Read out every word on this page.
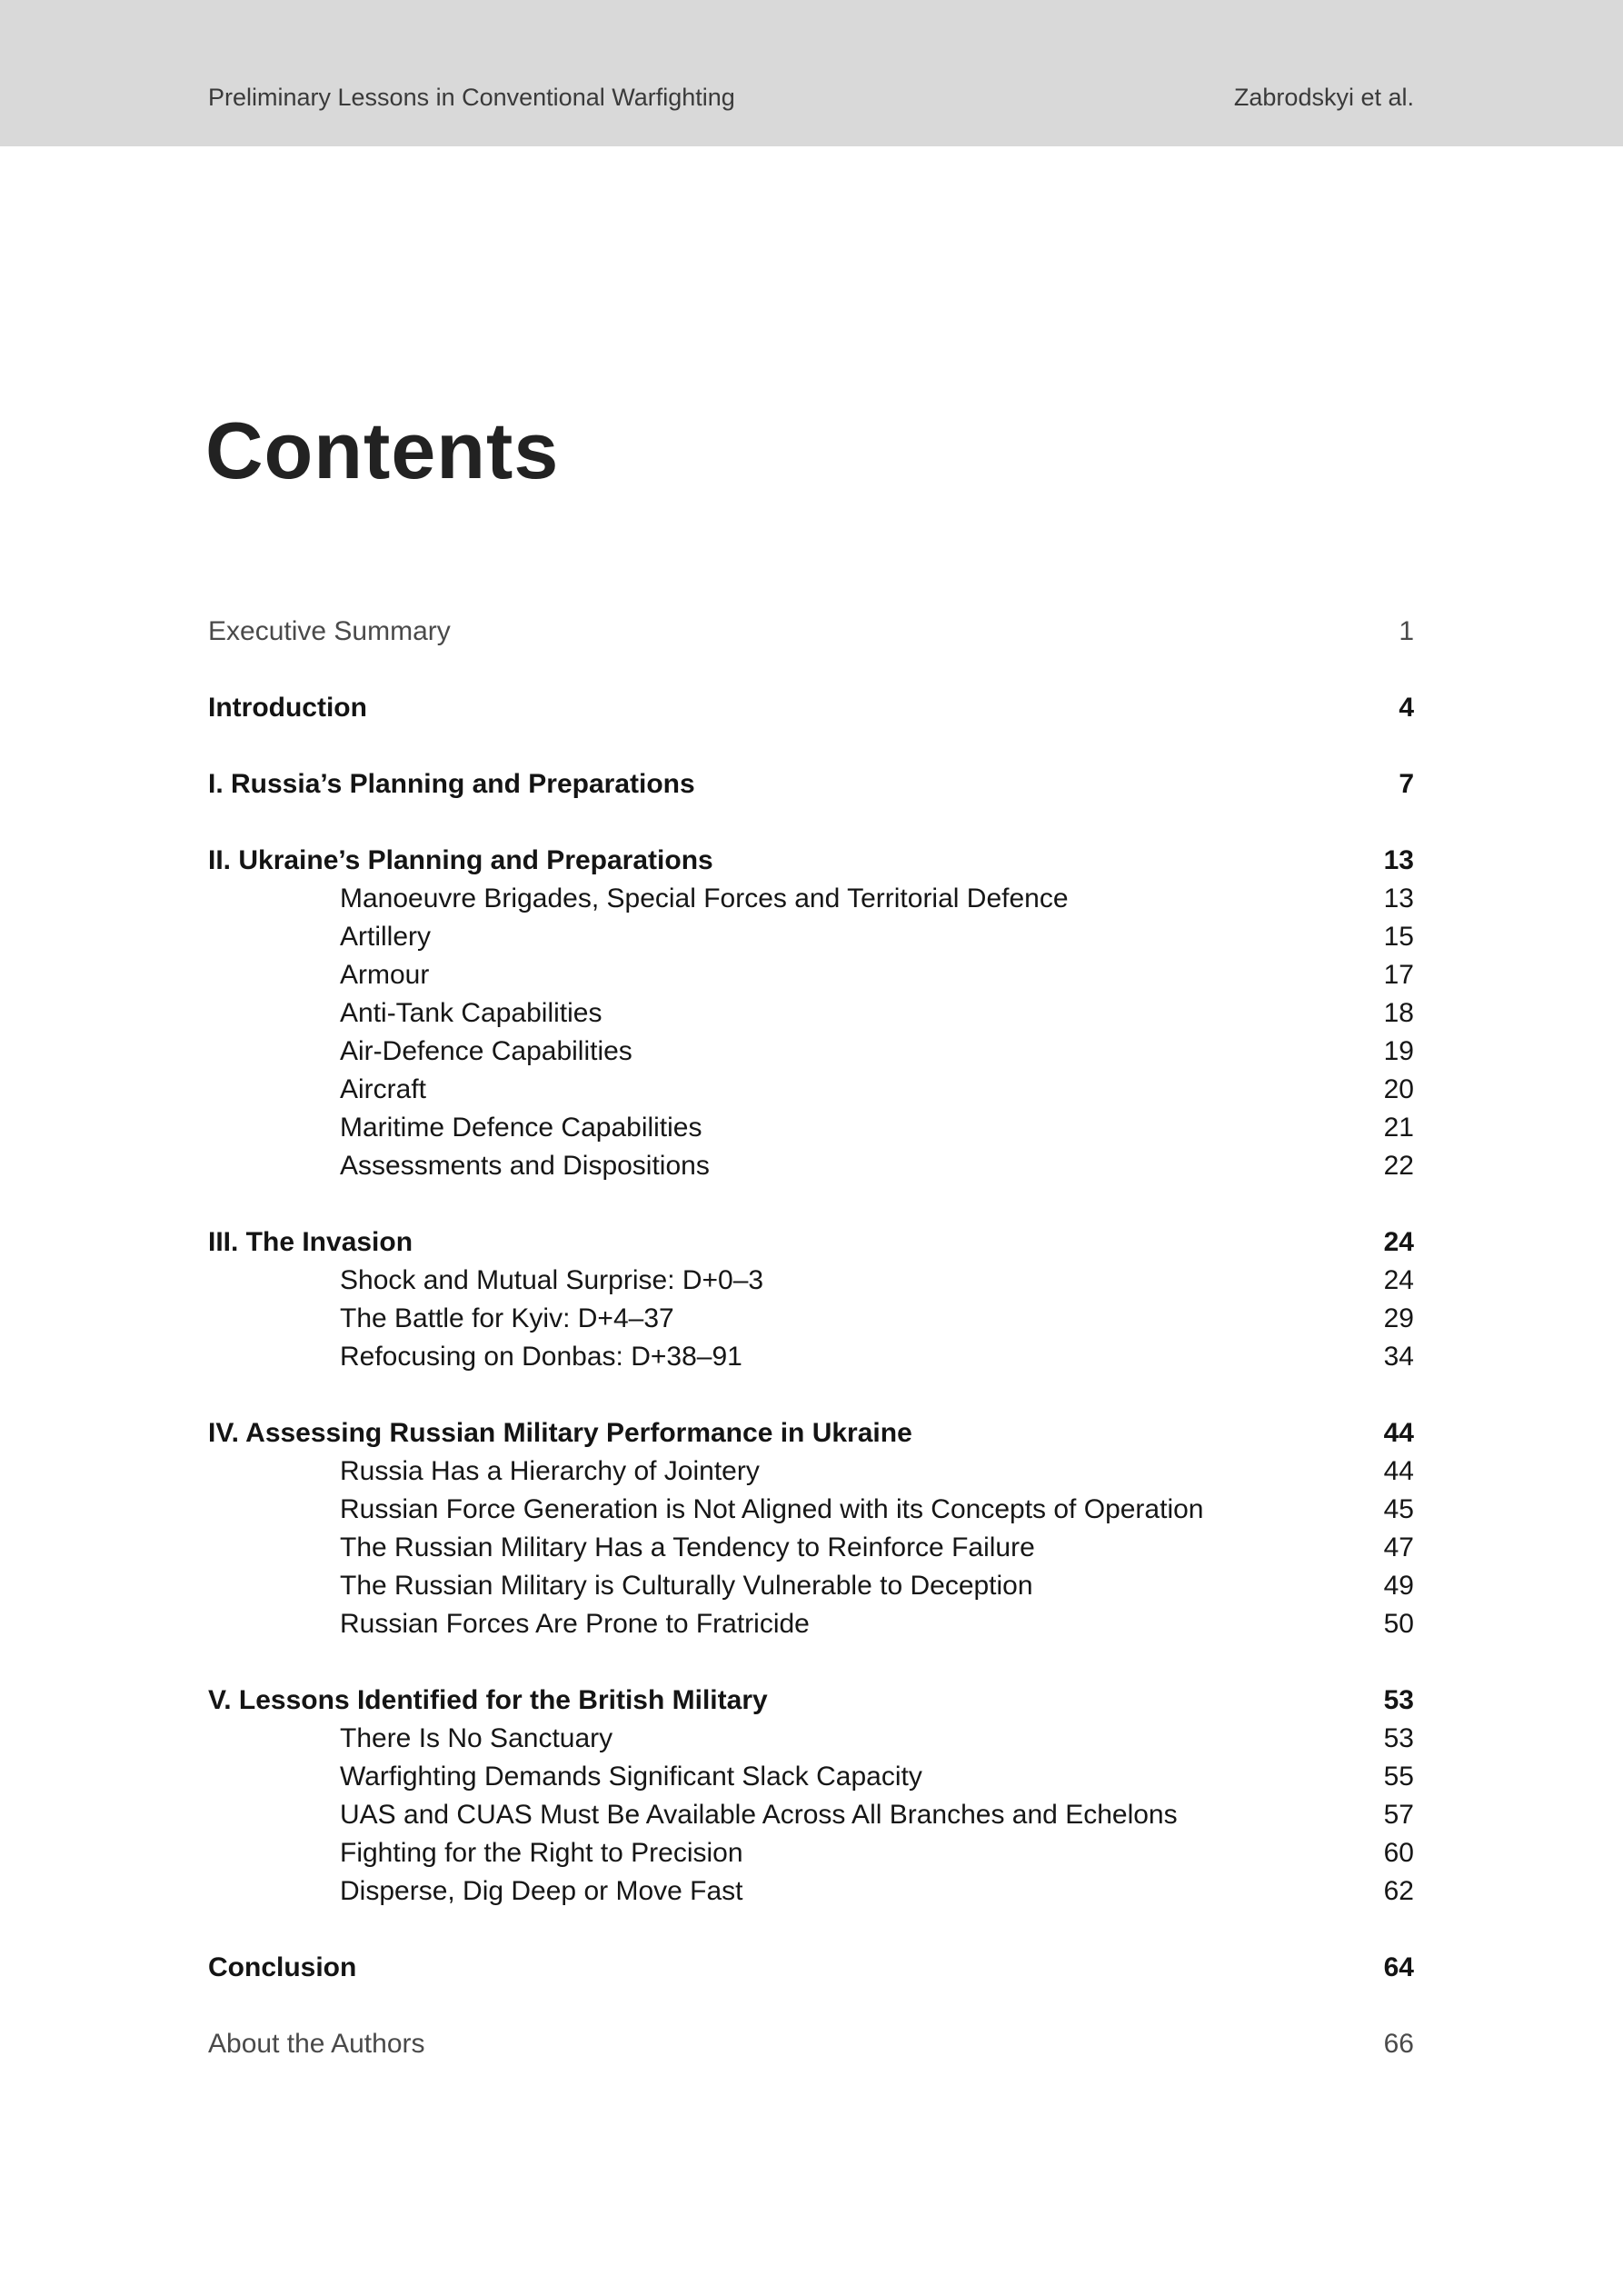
Preliminary Lessons in Conventional Warfighting	Zabrodskyi et al.
Contents
Executive Summary	1
Introduction	4
I. Russia’s Planning and Preparations	7
II. Ukraine’s Planning and Preparations	13
Manoeuvre Brigades, Special Forces and Territorial Defence	13
Artillery	15
Armour	17
Anti-Tank Capabilities	18
Air-Defence Capabilities	19
Aircraft	20
Maritime Defence Capabilities	21
Assessments and Dispositions	22
III. The Invasion	24
Shock and Mutual Surprise: D+0–3	24
The Battle for Kyiv: D+4–37	29
Refocusing on Donbas: D+38–91	34
IV. Assessing Russian Military Performance in Ukraine	44
Russia Has a Hierarchy of Jointery	44
Russian Force Generation is Not Aligned with its Concepts of Operation	45
The Russian Military Has a Tendency to Reinforce Failure	47
The Russian Military is Culturally Vulnerable to Deception	49
Russian Forces Are Prone to Fratricide	50
V. Lessons Identified for the British Military	53
There Is No Sanctuary	53
Warfighting Demands Significant Slack Capacity	55
UAS and CUAS Must Be Available Across All Branches and Echelons	57
Fighting for the Right to Precision	60
Disperse, Dig Deep or Move Fast	62
Conclusion	64
About the Authors	66
